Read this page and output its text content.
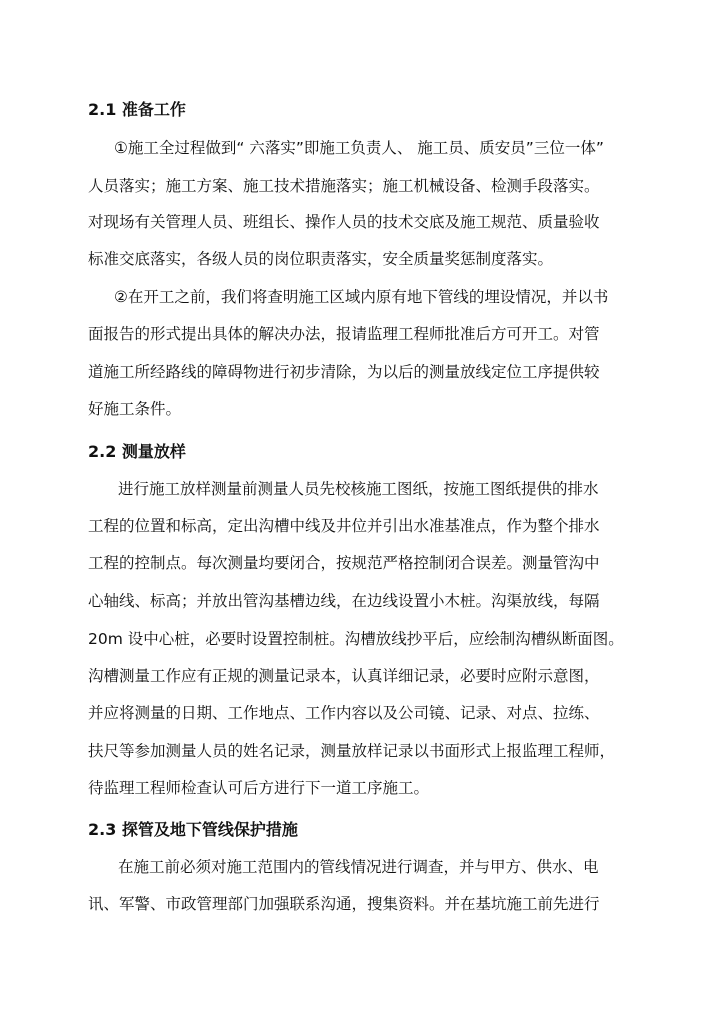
2.1 准备工作
①施工全过程做到“ 六落实”即施工负责人、 施工员、质安员”三位一体”
人员落实；施工方案、施工技术措施落实；施工机械设备、检测手段落实。
对现场有关管理人员、班组长、操作人员的技术交底及施工规范、质量验收
标准交底落实，各级人员的岗位职责落实，安全质量奖惩制度落实。
②在开工之前，我们将查明施工区域内原有地下管线的埋设情况，并以书
面报告的形式提出具体的解决办法，报请监理工程师批准后方可开工。对管
道施工所经路线的障碍物进行初步清除，为以后的测量放线定位工序提供较
好施工条件。
2.2 测量放样
进行施工放样测量前测量人员先校核施工图纸，按施工图纸提供的排水
工程的位置和标高，定出沟槽中线及井位并引出水准基准点，作为整个排水
工程的控制点。每次测量均要闭合，按规范严格控制闭合误差。测量管沟中
心轴线、标高；并放出管沟基槽边线，在边线设置小木桩。沟渠放线，每隔
20m 设中心桩，必要时设置控制桩。沟槽放线抄平后，应绘制沟槽纵断面图。
沟槽测量工作应有正规的测量记录本，认真详细记录，必要时应附示意图，
并应将测量的日期、工作地点、工作内容以及公司镜、记录、对点、拉练、
扶尺等参加测量人员的姓名记录，测量放样记录以书面形式上报监理工程师，
待监理工程师检查认可后方进行下一道工序施工。
2.3 探管及地下管线保护措施
在施工前必须对施工范围内的管线情况进行调查，并与甲方、供水、电
讯、军警、市政管理部门加强联系沟通，搜集资料。并在基坑施工前先进行
